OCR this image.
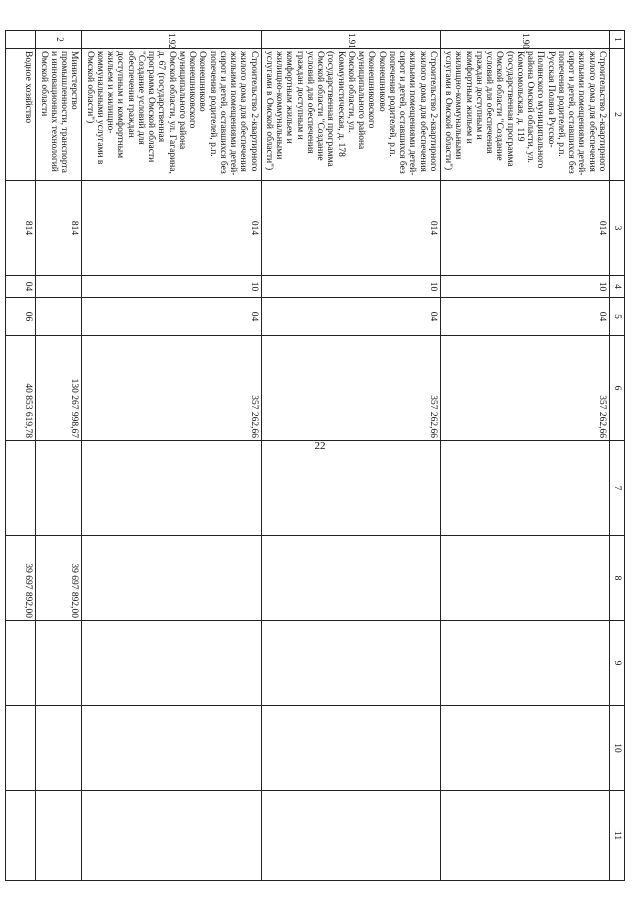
22
1	2	3	4	5	6	7	8	9	10	11
1.90	Строительство 2-квартирного жилого дома для обеспечения жильими помещениями детей-сирот и детей, оставшихся без попечения родителей, р.п. Русская Поляна Русско-Полянского муниципального района Омской области, ул. Комсомольская, д. 119 (государственная программа Омской области "Создание условий для обеспечения граждан доступным и комфортным жильем и жилищно-коммунальными услугами в Омской области")	014	10	04	357 262,66					
1.91	Строительство 2-квартирного жилого дома для обеспечения жильими помещениями детей-сирот и детей, оставшихся без попечения родителей, р.п. Оконешниково Оконешниковского муниципального района Омской области, ул. Коммунистическая, д. 178 (государственная программа Омской области "Создание условий для обеспечения граждан доступным и комфортным жильем и жилищно-коммунальными услугами в Омской области")	014	10	04	357 262,66					
1.92	Строительство 2-квартирного жилого дома для обеспечения жильими помещениями детей-сирот и детей, оставшихся без попечения родителей, р.п. Оконешниково Оконешниковского муниципального района Омской области, ул. Гагарина, д. 67 (государственная программа Омской области "Создание условий для обеспечения граждан доступным и комфортным жильем и жилищно-коммунальными услугами в Омской области")	014	10	04	357 262,66					
2	Министерство промышленности, транспорта и инновационных технологий Омской области	814			130 267 998,67		39 697 892,00			
	Водное хозяйство	814	04	06	40 853 619,78		39 697 892,00			
